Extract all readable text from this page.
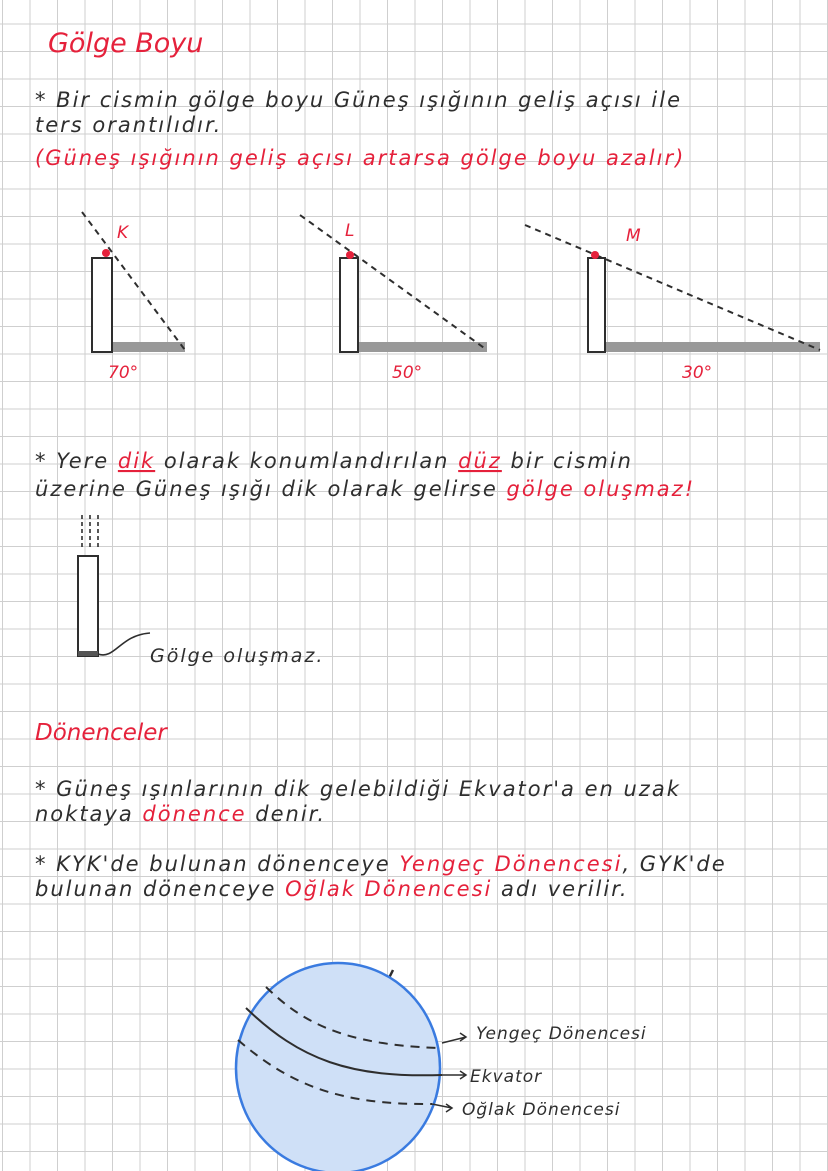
Gölge Boyu
* Bir cismin gölge boyu Güneş ışığının geliş açısı ile
ters orantılıdır.
(Güneş ışığının geliş açısı artarsa gölge boyu azalır)
K
70°
L
50°
M
30°
* Yere dik olarak konumlandırılan düz bir cismin
üzerine Güneş ışığı dik olarak gelirse gölge oluşmaz!
Gölge oluşmaz.
Dönenceler
* Güneş ışınlarının dik gelebildiği Ekvator'a en uzak
noktaya dönence denir.
* KYK'de bulunan dönenceye Yengeç Dönencesi, GYK'de
bulunan dönenceye Oğlak Dönencesi adı verilir.
Yengeç Dönencesi
Ekvator
Oğlak Dönencesi
